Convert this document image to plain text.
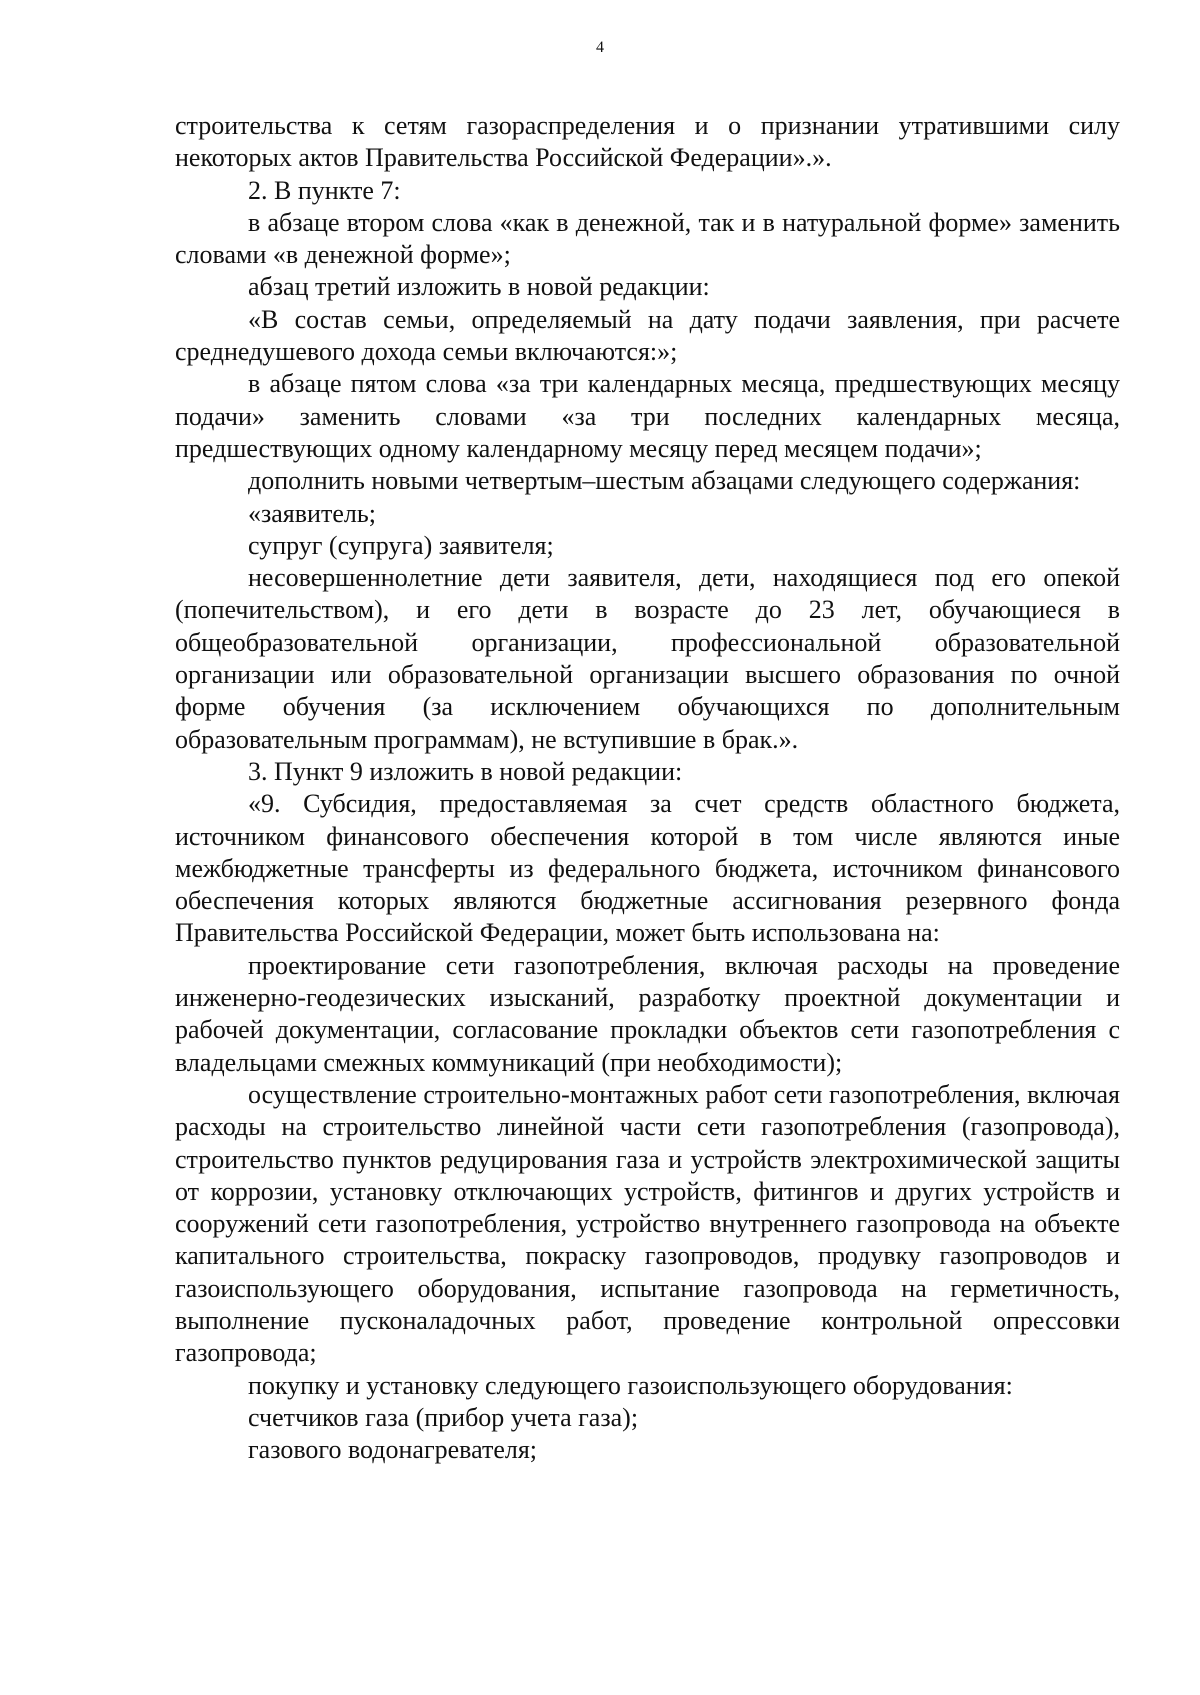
4

строительства к сетям газораспределения и о признании утратившими силу некоторых актов Правительства Российской Федерации».».

2. В пункте 7:

в абзаце втором слова «как в денежной, так и в натуральной форме» заменить словами «в денежной форме»;

абзац третий изложить в новой редакции:

«В состав семьи, определяемый на дату подачи заявления, при расчете среднедушевого дохода семьи включаются:»;

в абзаце пятом слова «за три календарных месяца, предшествующих месяцу подачи» заменить словами «за три последних календарных месяца, предшествующих одному календарному месяцу перед месяцем подачи»;

дополнить новыми четвертым–шестым абзацами следующего содержания:

«заявитель;

супруг (супруга) заявителя;

несовершеннолетние дети заявителя, дети, находящиеся под его опекой (попечительством), и его дети в возрасте до 23 лет, обучающиеся в общеобразовательной организации, профессиональной образовательной организации или образовательной организации высшего образования по очной форме обучения (за исключением обучающихся по дополнительным образовательным программам), не вступившие в брак.».

3. Пункт 9 изложить в новой редакции:

«9. Субсидия, предоставляемая за счет средств областного бюджета, источником финансового обеспечения которой в том числе являются иные межбюджетные трансферты из федерального бюджета, источником финансового обеспечения которых являются бюджетные ассигнования резервного фонда Правительства Российской Федерации, может быть использована на:

проектирование сети газопотребления, включая расходы на проведение инженерно-геодезических изысканий, разработку проектной документации и рабочей документации, согласование прокладки объектов сети газопотребления с владельцами смежных коммуникаций (при необходимости);

осуществление строительно-монтажных работ сети газопотребления, включая расходы на строительство линейной части сети газопотребления (газопровода), строительство пунктов редуцирования газа и устройств электрохимической защиты от коррозии, установку отключающих устройств, фитингов и других устройств и сооружений сети газопотребления, устройство внутреннего газопровода на объекте капитального строительства, покраску газопроводов, продувку газопроводов и газоиспользующего оборудования, испытание газопровода на герметичность, выполнение пусконаладочных работ, проведение контрольной опрессовки газопровода;

покупку и установку следующего газоиспользующего оборудования:

счетчиков газа (прибор учета газа);

газового водонагревателя;
